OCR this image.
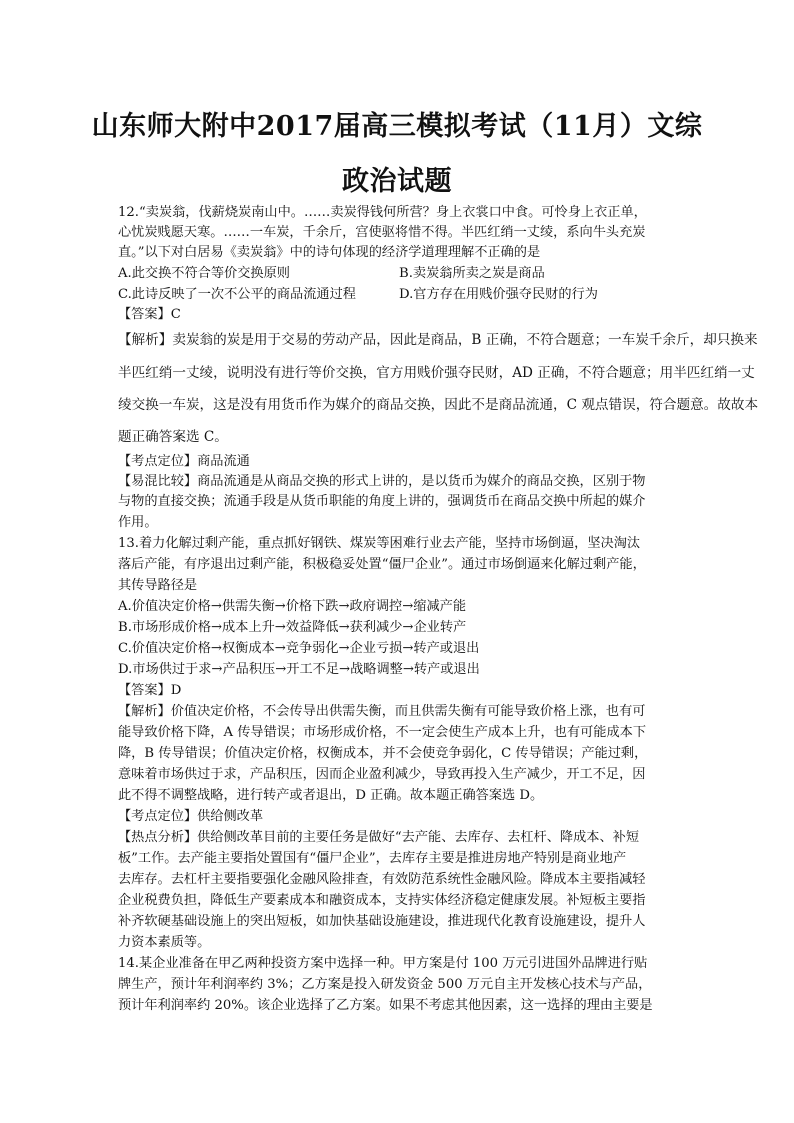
山东师大附中2017届高三模拟考试（11月）文综
政治试题
12.“卖炭翁，伐薪烧炭南山中。……卖炭得钱何所营？身上衣裳口中食。可怜身上衣正单，
心忧炭贱愿天寒。……一车炭，千余斤，宫使驱将惜不得。半匹红绡一丈绫，系向牛头充炭
直。”以下对白居易《卖炭翁》中的诗句体现的经济学道理理解不正确的是
A.此交换不符合等价交换原则	B.卖炭翁所卖之炭是商品
C.此诗反映了一次不公平的商品流通过程	D.官方存在用贱价强夺民财的行为
【答案】C
【解析】卖炭翁的炭是用于交易的劳动产品，因此是商品，B 正确，不符合题意；一车炭千余斤，却只换来
半匹红绡一丈绫，说明没有进行等价交换，官方用贱价强夺民财，AD 正确，不符合题意；用半匹红绡一丈
绫交换一车炭，这是没有用货币作为媒介的商品交换，因此不是商品流通，C 观点错误，符合题意。故故本
题正确答案选 C。
【考点定位】商品流通
【易混比较】商品流通是从商品交换的形式上讲的，是以货币为媒介的商品交换，区别于物
与物的直接交换；流通手段是从货币职能的角度上讲的，强调货币在商品交换中所起的媒介
作用。
13.着力化解过剩产能，重点抓好钢铁、煤炭等困难行业去产能，坚持市场倒逼，坚决淘汰
落后产能，有序退出过剩产能，积极稳妥处置“僵尸企业”。通过市场倒逼来化解过剩产能，
其传导路径是
A.价值决定价格→供需失衡→价格下跌→政府调控→缩减产能
B.市场形成价格→成本上升→效益降低→获利减少→企业转产
C.价值决定价格→权衡成本→竞争弱化→企业亏损→转产或退出
D.市场供过于求→产品积压→开工不足→战略调整→转产或退出
【答案】D
【解析】价值决定价格，不会传导出供需失衡，而且供需失衡有可能导致价格上涨，也有可
能导致价格下降，A 传导错误；市场形成价格，不一定会使生产成本上升，也有可能成本下
降，B 传导错误；价值决定价格，权衡成本，并不会使竞争弱化，C 传导错误；产能过剩，
意味着市场供过于求，产品积压，因而企业盈利减少，导致再投入生产减少，开工不足，因
此不得不调整战略，进行转产或者退出，D 正确。故本题正确答案选 D。
【考点定位】供给侧改革
【热点分析】供给侧改革目前的主要任务是做好“去产能、去库存、去杠杆、降成本、补短
板”工作。去产能主要指处置国有“僵尸企业”，去库存主要是推进房地产特别是商业地产
去库存。去杠杆主要指要强化金融风险排查，有效防范系统性金融风险。降成本主要指减轻
企业税费负担，降低生产要素成本和融资成本，支持实体经济稳定健康发展。补短板主要指
补齐软硬基础设施上的突出短板，如加快基础设施建设，推进现代化教育设施建设，提升人
力资本素质等。
14.某企业准备在甲乙两种投资方案中选择一种。甲方案是付 100 万元引进国外品牌进行贴
牌生产，预计年利润率约 3%；乙方案是投入研发资金 500 万元自主开发核心技术与产品，
预计年利润率约 20%。该企业选择了乙方案。如果不考虑其他因素，这一选择的理由主要是
